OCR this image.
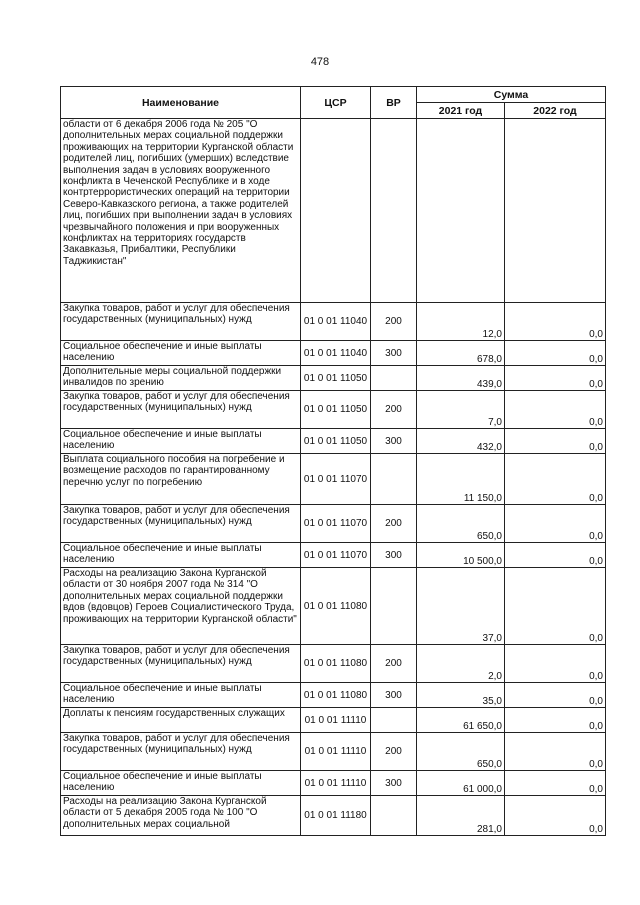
478
Наименование	ЦСР	ВР	Сумма	
			2021 год	2022 год
области от 6 декабря 2006 года № 205 "О дополнительных мерах социальной поддержки проживающих на территории Курганской области родителей лиц, погибших (умерших) вследствие выполнения задач в условиях вооруженного конфликта в Чеченской Республике и в ходе контртеррористических операций на территории Северо-Кавказского региона, а также родителей лиц, погибших при выполнении задач в условиях чрезвычайного положения и при вооруженных конфликтах на территориях государств Закавказья, Прибалтики, Республики Таджикистан"				
Закупка товаров, работ и услуг для обеспечения государственных (муниципальных) нужд	01 0 01 11040	200	12,0	0,0
Социальное обеспечение и иные выплаты населению	01 0 01 11040	300	678,0	0,0
Дополнительные меры социальной поддержки инвалидов по зрению	01 0 01 11050		439,0	0,0
Закупка товаров, работ и услуг для обеспечения государственных (муниципальных) нужд	01 0 01 11050	200	7,0	0,0
Социальное обеспечение и иные выплаты населению	01 0 01 11050	300	432,0	0,0
Выплата социального пособия на погребение и возмещение расходов по гарантированному перечню услуг по погребению	01 0 01 11070		11 150,0	0,0
Закупка товаров, работ и услуг для обеспечения государственных (муниципальных) нужд	01 0 01 11070	200	650,0	0,0
Социальное обеспечение и иные выплаты населению	01 0 01 11070	300	10 500,0	0,0
Расходы на реализацию Закона Курганской области от 30 ноября 2007 года № 314 "О дополнительных мерах социальной поддержки вдов (вдовцов) Героев Социалистического Труда, проживающих на территории Курганской области"	01 0 01 11080		37,0	0,0
Закупка товаров, работ и услуг для обеспечения государственных (муниципальных) нужд	01 0 01 11080	200	2,0	0,0
Социальное обеспечение и иные выплаты населению	01 0 01 11080	300	35,0	0,0
Доплаты к пенсиям государственных служащих	01 0 01 11110		61 650,0	0,0
Закупка товаров, работ и услуг для обеспечения государственных (муниципальных) нужд	01 0 01 11110	200	650,0	0,0
Социальное обеспечение и иные выплаты населению	01 0 01 11110	300	61 000,0	0,0
Расходы на реализацию Закона Курганской области от 5 декабря 2005 года № 100 "О дополнительных мерах социальной	01 0 01 11180		281,0	0,0
